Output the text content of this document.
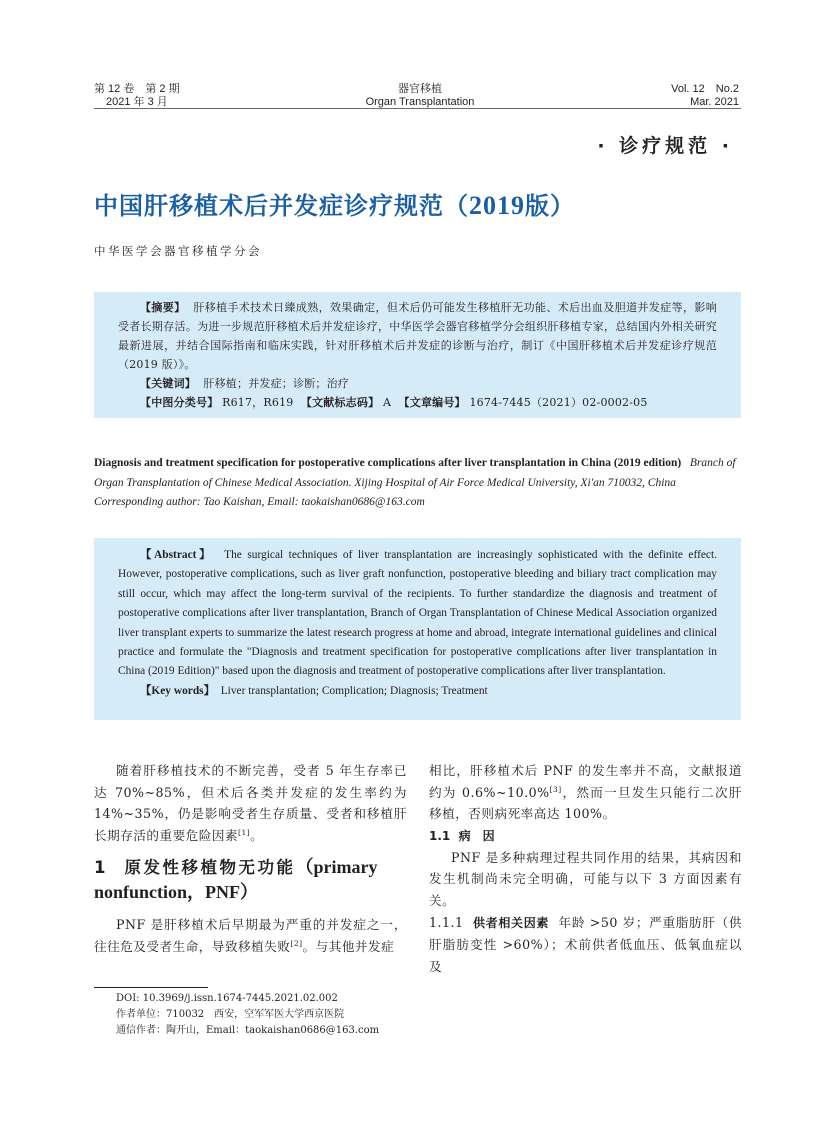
第 12 卷　第 2 期
2021 年 3 月
器官移植
Organ Transplantation
Vol. 12　No.2
Mar. 2021
· 诊疗规范 ·
中国肝移植术后并发症诊疗规范（2019版）
中华医学会器官移植学分会

【摘要】 肝移植手术技术日臻成熟，效果确定，但术后仍可能发生移植肝无功能、术后出血及胆道并发症等，影响受者长期存活。为进一步规范肝移植术后并发症诊疗，中华医学会器官移植学分会组织肝移植专家，总结国内外相关研究最新进展，并结合国际指南和临床实践，针对肝移植术后并发症的诊断与治疗，制订《中国肝移植术后并发症诊疗规范（2019 版）》。

【关键词】 肝移植；并发症；诊断；治疗

【中图分类号】 R617，R619 【文献标志码】 A 【文章编号】 1674-7445（2021）02-0002-05

Diagnosis and treatment specification for postoperative complications after liver transplantation in China (2019 edition) Branch of Organ Transplantation of Chinese Medical Association. Xijing Hospital of Air Force Medical University, Xi'an 710032, China
Corresponding author: Tao Kaishan, Email: taokaishan0686@163.com

【Abstract】 The surgical techniques of liver transplantation are increasingly sophisticated with the definite effect. However, postoperative complications, such as liver graft nonfunction, postoperative bleeding and biliary tract complication may still occur, which may affect the long-term survival of the recipients. To further standardize the diagnosis and treatment of postoperative complications after liver transplantation, Branch of Organ Transplantation of Chinese Medical Association organized liver transplant experts to summarize the latest research progress at home and abroad, integrate international guidelines and clinical practice and formulate the "Diagnosis and treatment specification for postoperative complications after liver transplantation in China (2019 Edition)" based upon the diagnosis and treatment of postoperative complications after liver transplantation.

【Key words】 Liver transplantation; Complication; Diagnosis; Treatment

随着肝移植技术的不断完善，受者 5 年生存率已达 70%~85%，但术后各类并发症的发生率约为 14%~35%，仍是影响受者生存质量、受者和移植肝长期存活的重要危险因素[1]。

1 原发性移植物无功能（primary nonfunction，PNF）

PNF 是肝移植术后早期最为严重的并发症之一，往往危及受者生命，导致移植失败[2]。与其他并发症

相比，肝移植术后 PNF 的发生率并不高，文献报道约为 0.6%~10.0%[3]，然而一旦发生只能行二次肝移植，否则病死率高达 100%。

1.1 病　因

PNF 是多种病理过程共同作用的结果，其病因和发生机制尚未完全明确，可能与以下 3 方面因素有关。

1.1.1 供者相关因素 年龄 >50 岁；严重脂肪肝（供肝脂肪变性 >60%）；术前供者低血压、低氧血症以及

DOI: 10.3969/j.issn.1674-7445.2021.02.002
作者单位：710032　西安，空军军医大学西京医院
通信作者：陶开山，Email：taokaishan0686@163.com
